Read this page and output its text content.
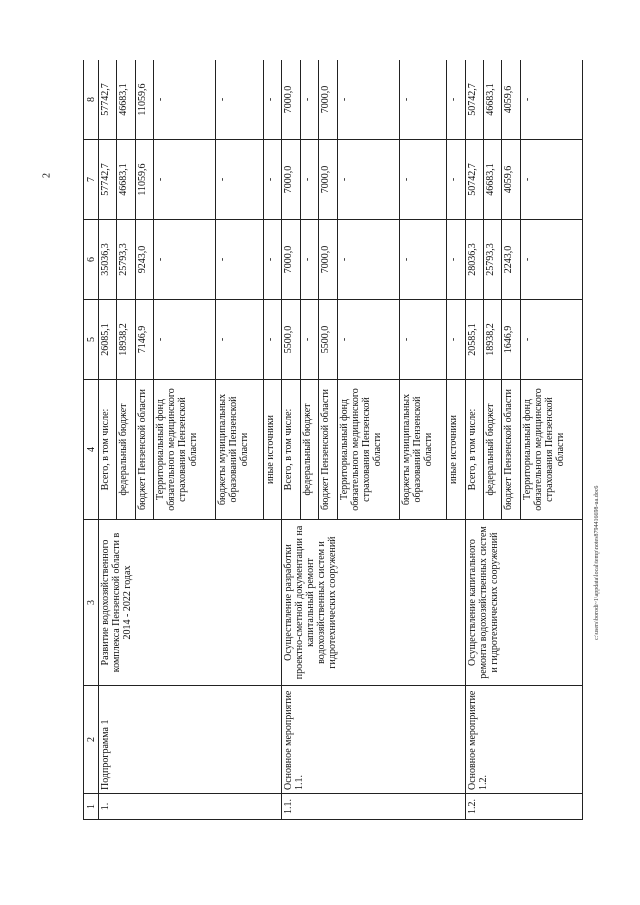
2
1	2	3	4	5	6	7	8
1.	Подпрограмма 1	Развитие водохозяйственного комплекса Пензенской области в 2014 - 2022 годах	Всего, в том числе:	26085,1	35036,3	57742,7	57742,7
			федеральный бюджет	18938,2	25793,3	46683,1	46683,1
			бюджет Пензенской области	7146,9	9243,0	11059,6	11059,6
			Территориальный фонд обязательного медицинского страхования Пензенской области	-	-	-	-
			бюджеты муниципальных образований Пензенской области	-	-	-	-
			иные источники	-	-	-	-
1.1.	Основное мероприятие 1.1.	Осуществление разработки проектно-сметной документации на капитальный ремонт водохозяйственных систем и гидротехнических сооружений	Всего, в том числе:	5500,0	7000,0	7000,0	7000,0
			федеральный бюджет	-	-	-	-
			бюджет Пензенской области	5500,0	7000,0	7000,0	7000,0
			Территориальный фонд обязательного медицинского страхования Пензенской области	-	-	-	-
			бюджеты муниципальных образований Пензенской области	-	-	-	-
			иные источники	-	-	-	-
1.2.	Основное мероприятие 1.2.	Осуществление капитального ремонта водохозяйственных систем и гидротехнических сооружений	Всего, в том числе:	20585,1	28036,3	50742,7	50742,7
			федеральный бюджет	18938,2	25793,3	46683,1	46683,1
			бюджет Пензенской области	1646,9	2243,0	4059,6	4059,6
			Территориальный фонд обязательного медицинского страхования Пензенской области	-	-	-	-
c:\users\borodi~1\appdata\local\temp\notes8794416698-ua.doc6
